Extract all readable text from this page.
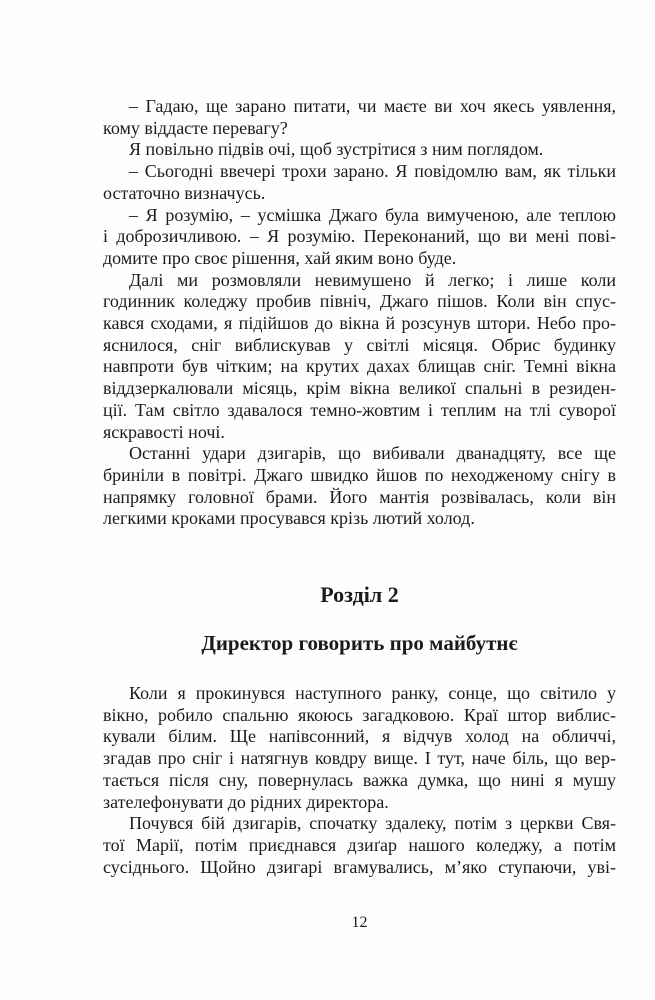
– Гадаю, ще зарано питати, чи маєте ви хоч якесь уявлення,
кому віддасте перевагу?
Я повільно підвів очі, щоб зустрітися з ним поглядом.
– Сьогодні ввечері трохи зарано. Я повідомлю вам, як тільки
остаточно визначусь.
– Я розумію, – усмішка Джаго була вимученою, але теплою
і доброзичливою. – Я розумію. Переконаний, що ви мені пові-
домите про своє рішення, хай яким воно буде.
Далі ми розмовляли невимушено й легко; і лише коли
годинник коледжу пробив північ, Джаго пішов. Коли він спус-
кався сходами, я підійшов до вікна й розсунув штори. Небо про-
яснилося, сніг виблискував у світлі місяця. Обрис будинку
навпроти був чітким; на крутих дахах блищав сніг. Темні вікна
віддзеркалювали місяць, крім вікна великої спальні в резиден-
ції. Там світло здавалося темно-жовтим і теплим на тлі суворої
яскравості ночі.
Останні удари дзигарів, що вибивали дванадцяту, все ще
бриніли в повітрі. Джаго швидко йшов по неходженому снігу в
напрямку головної брами. Його мантія розвівалась, коли він
легкими кроками просувався крізь лютий холод.
Розділ 2
Директор говорить про майбутнє
Коли я прокинувся наступного ранку, сонце, що світило у
вікно, робило спальню якоюсь загадковою. Краї штор виблис-
кували білим. Ще напівсонний, я відчув холод на обличчі,
згадав про сніг і натягнув ковдру вище. І тут, наче біль, що вер-
тається після сну, повернулась важка думка, що нині я мушу
зателефонувати до рідних директора.
Почувся бій дзигарів, спочатку здалеку, потім з церкви Свя-
тої Марії, потім приєднався дзиґар нашого коледжу, а потім
сусіднього. Щойно дзигарі вгамувались, м’яко ступаючи, уві-
12
